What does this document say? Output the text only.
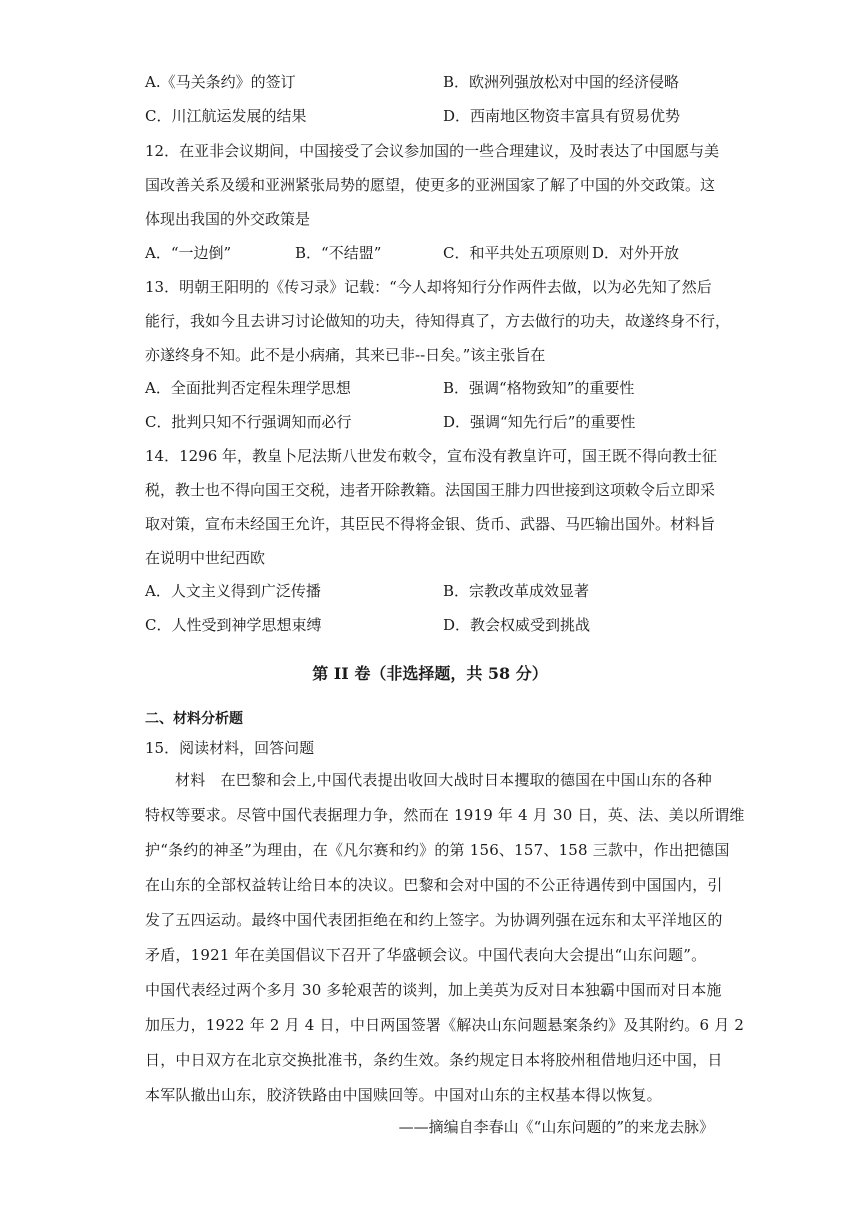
A.《马关条约》的签订	B．欧洲列强放松对中国的经济侵略
C．川江航运发展的结果	D．西南地区物资丰富具有贸易优势
12．在亚非会议期间，中国接受了会议参加国的一些合理建议，及时表达了中国愿与美
国改善关系及缓和亚洲紧张局势的愿望，使更多的亚洲国家了解了中国的外交政策。这
体现出我国的外交政策是
A．“一边倒”	B．“不结盟”	C．和平共处五项原则 D．对外开放
13．明朝王阳明的《传习录》记载：“今人却将知行分作两件去做，以为必先知了然后
能行，我如今且去讲习讨论做知的功夫，待知得真了，方去做行的功夫，故遂终身不行，
亦遂终身不知。此不是小病痛，其来已非--日矣。”该主张旨在
A．全面批判否定程朱理学思想	B．强调“格物致知”的重要性
C．批判只知不行强调知而必行	D．强调“知先行后”的重要性
14．1296 年，教皇卜尼法斯八世发布敕令，宣布没有教皇许可，国王既不得向教士征
税，教士也不得向国王交税，违者开除教籍。法国国王腓力四世接到这项敕令后立即采
取对策，宣布未经国王允许，其臣民不得将金银、货币、武器、马匹输出国外。材料旨
在说明中世纪西欧
A．人文主义得到广泛传播	B．宗教改革成效显著
C．人性受到神学思想束缚	D．教会权威受到挑战
第 II 卷（非选择题，共 58 分）
二、材料分析题
15．阅读材料，回答问题
材料　在巴黎和会上,中国代表提出收回大战时日本攫取的德国在中国山东的各种
特权等要求。尽管中国代表据理力争，然而在 1919 年 4 月 30 日，英、法、美以所谓维
护“条约的神圣”为理由，在《凡尔赛和约》的第 156、157、158 三款中，作出把德国
在山东的全部权益转让给日本的决议。巴黎和会对中国的不公正待遇传到中国国内，引
发了五四运动。最终中国代表团拒绝在和约上签字。为协调列强在远东和太平洋地区的
矛盾，1921 年在美国倡议下召开了华盛顿会议。中国代表向大会提出“山东问题”。
中国代表经过两个多月 30 多轮艰苦的谈判，加上美英为反对日本独霸中国而对日本施
加压力，1922 年 2 月 4 日，中日两国签署《解决山东问题悬案条约》及其附约。6 月 2
日，中日双方在北京交换批准书，条约生效。条约规定日本将胶州租借地归还中国，日
本军队撤出山东，胶济铁路由中国赎回等。中国对山东的主权基本得以恢复。
——摘编自李春山《“山东问题的”的来龙去脉》
